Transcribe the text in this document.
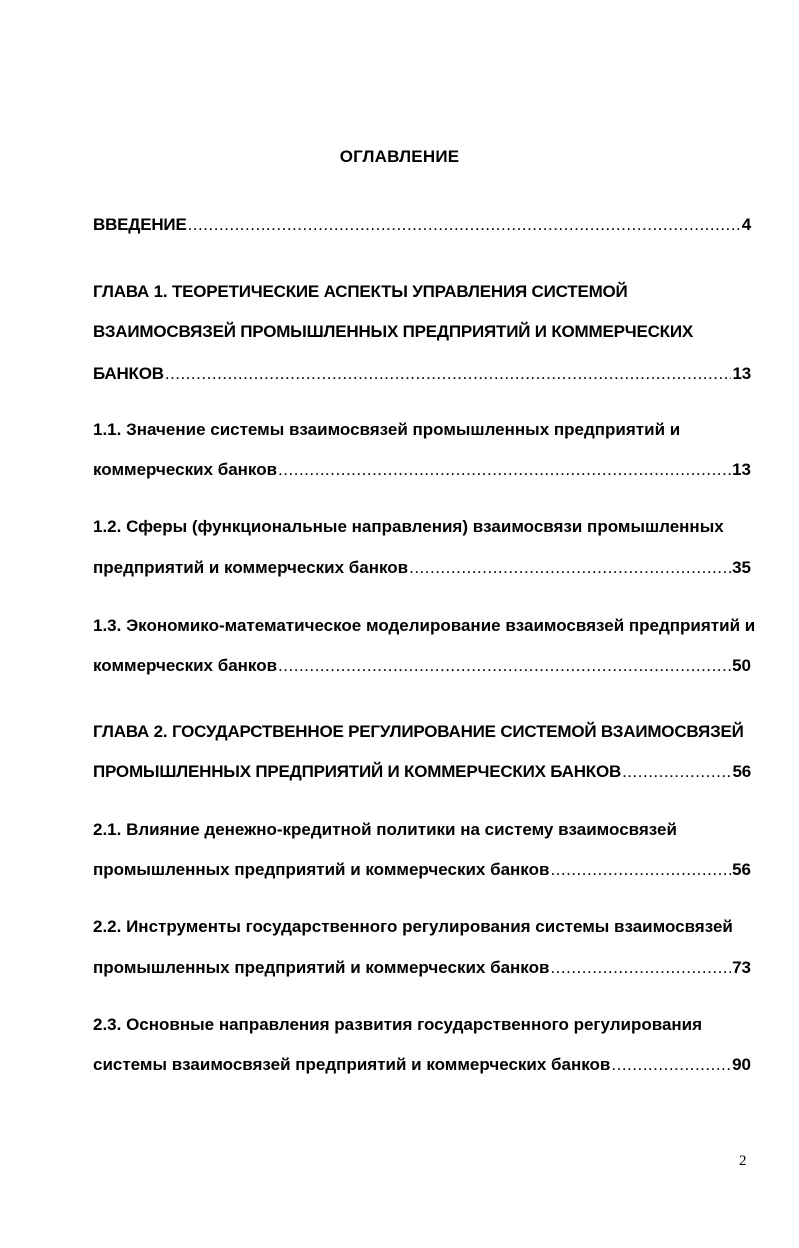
ОГЛАВЛЕНИЕ
ВВЕДЕНИЕ .....	4
ГЛАВА 1. ТЕОРЕТИЧЕСКИЕ АСПЕКТЫ УПРАВЛЕНИЯ СИСТЕМОЙ
ВЗАИМОСВЯЗЕЙ ПРОМЫШЛЕННЫХ ПРЕДПРИЯТИЙ И КОММЕРЧЕСКИХ
БАНКОВ .....	13
1.1. Значение системы взаимосвязей промышленных предприятий и
коммерческих банков .....	13
1.2. Сферы (функциональные направления) взаимосвязи промышленных
предприятий и коммерческих банков .....	35
1.3. Экономико-математическое моделирование взаимосвязей предприятий и
коммерческих банков .....	50
ГЛАВА 2. ГОСУДАРСТВЕННОЕ РЕГУЛИРОВАНИЕ СИСТЕМОЙ ВЗАИМОСВЯЗЕЙ
ПРОМЫШЛЕННЫХ ПРЕДПРИЯТИЙ И КОММЕРЧЕСКИХ БАНКОВ .....	56
2.1. Влияние денежно-кредитной политики на систему взаимосвязей
промышленных предприятий и коммерческих банков .....	56
2.2. Инструменты государственного регулирования системы взаимосвязей
промышленных предприятий и коммерческих банков .....	73
2.3. Основные направления развития государственного регулирования
системы взаимосвязей предприятий и коммерческих банков .....	90
2
